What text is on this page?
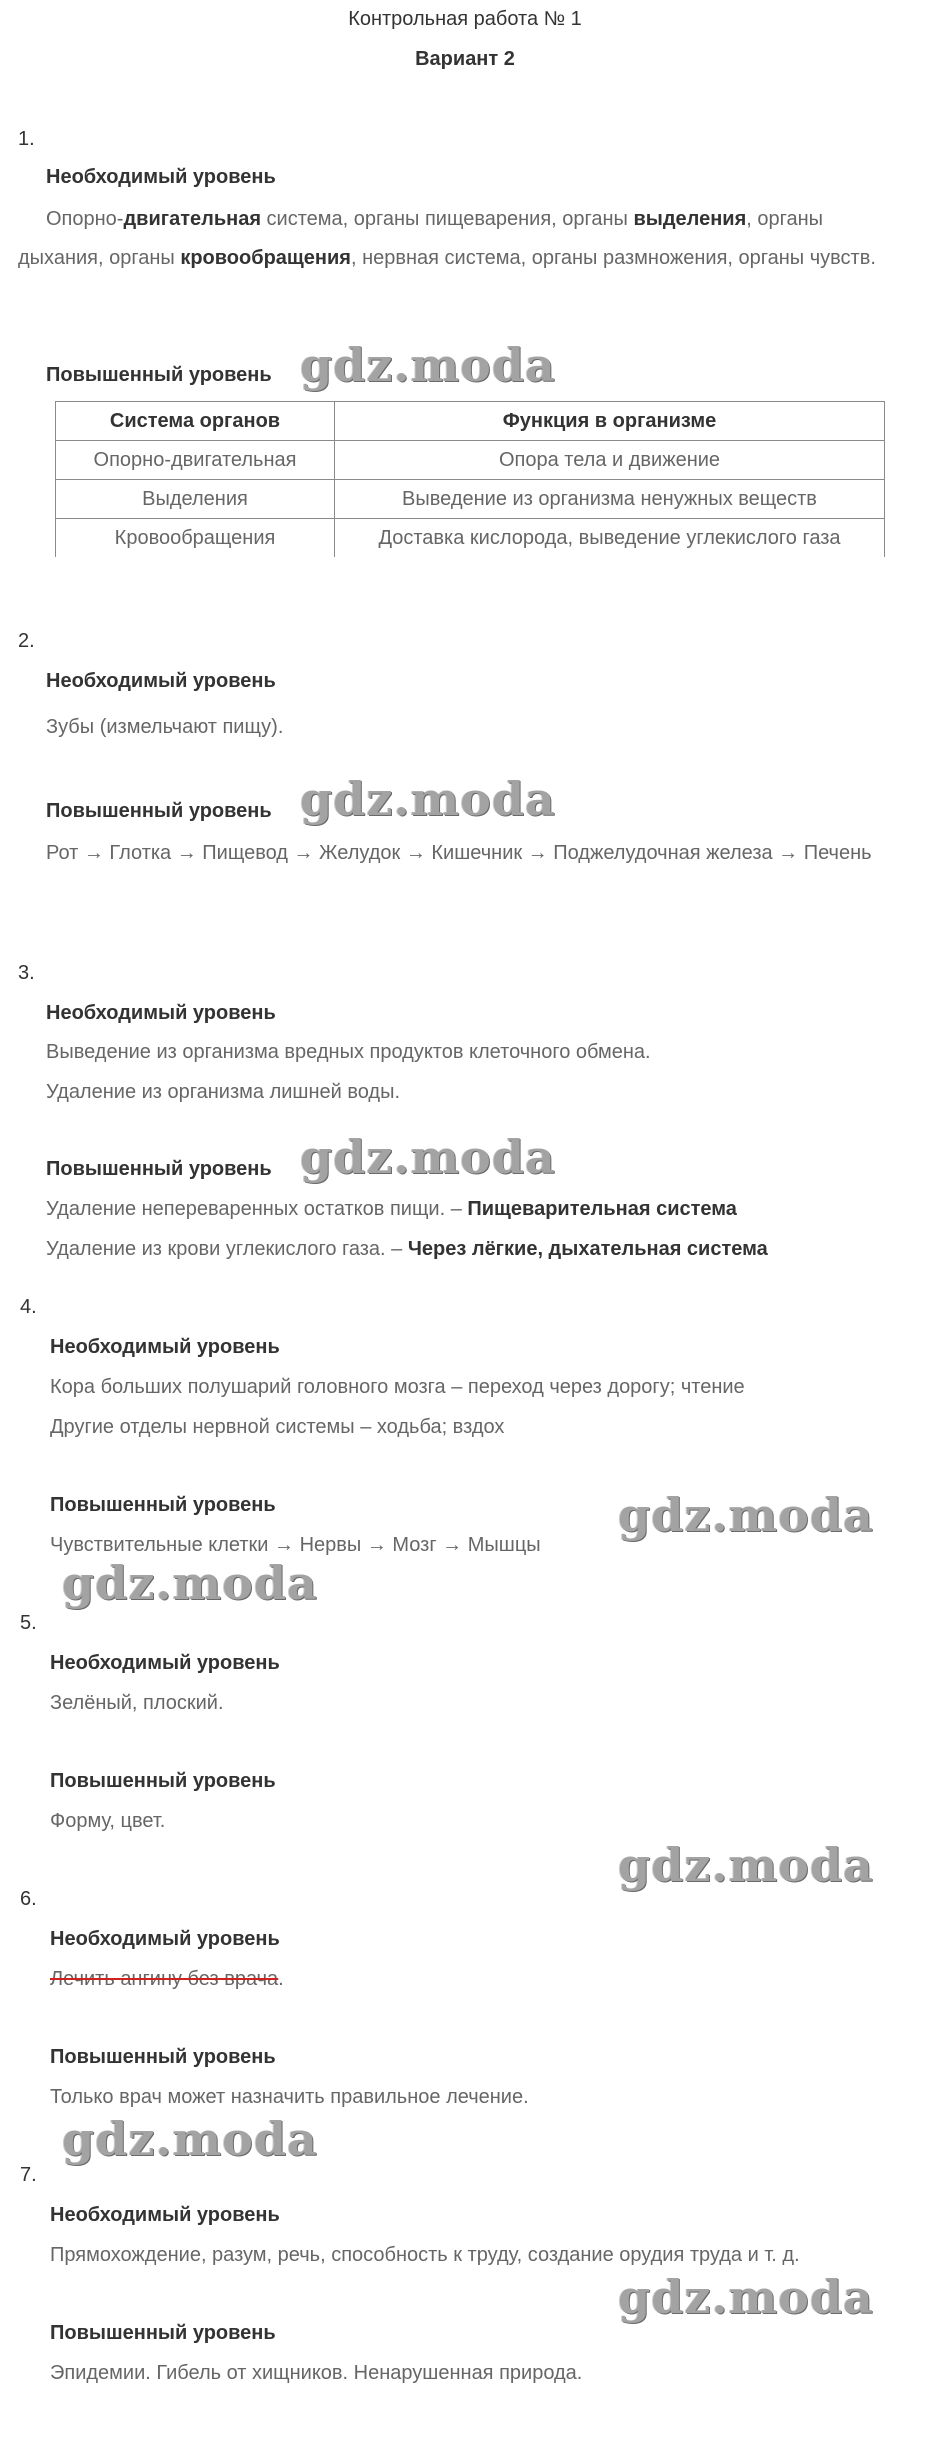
Контрольная работа № 1
Вариант 2
1.
Необходимый уровень
Опорно-двигательная система, органы пищеварения, органы выделения, органы дыхания, органы кровообращения, нервная система, органы размножения, органы чувств.
Повышенный уровень
Система органов	Функция в организме
Опорно-двигательная	Опора тела и движение
Выделения	Выведение из организма ненужных веществ
Кровообращения	Доставка кислорода, выведение углекислого газа
2.
Необходимый уровень
Зубы (измельчают пищу).
Повышенный уровень
Рот → Глотка → Пищевод → Желудок → Кишечник → Поджелудочная железа → Печень
3.
Необходимый уровень
Выведение из организма вредных продуктов клеточного обмена.
Удаление из организма лишней воды.
Повышенный уровень
Удаление непереваренных остатков пищи. – Пищеварительная система
Удаление из крови углекислого газа. – Через лёгкие, дыхательная система
4.
Необходимый уровень
Кора больших полушарий головного мозга – переход через дорогу; чтение
Другие отделы нервной системы – ходьба; вздох
Повышенный уровень
Чувствительные клетки → Нервы → Мозг → Мышцы
5.
Необходимый уровень
Зелёный, плоский.
Повышенный уровень
Форму, цвет.
6.
Необходимый уровень
Лечить ангину без врача.
Повышенный уровень
Только врач может назначить правильное лечение.
7.
Необходимый уровень
Прямохождение, разум, речь, способность к труду, создание орудия труда и т. д.
Повышенный уровень
Эпидемии. Гибель от хищников. Ненарушенная природа.
gdz.moda
gdz.moda
gdz.moda
gdz.moda
gdz.moda
gdz.moda
gdz.moda
gdz.moda
